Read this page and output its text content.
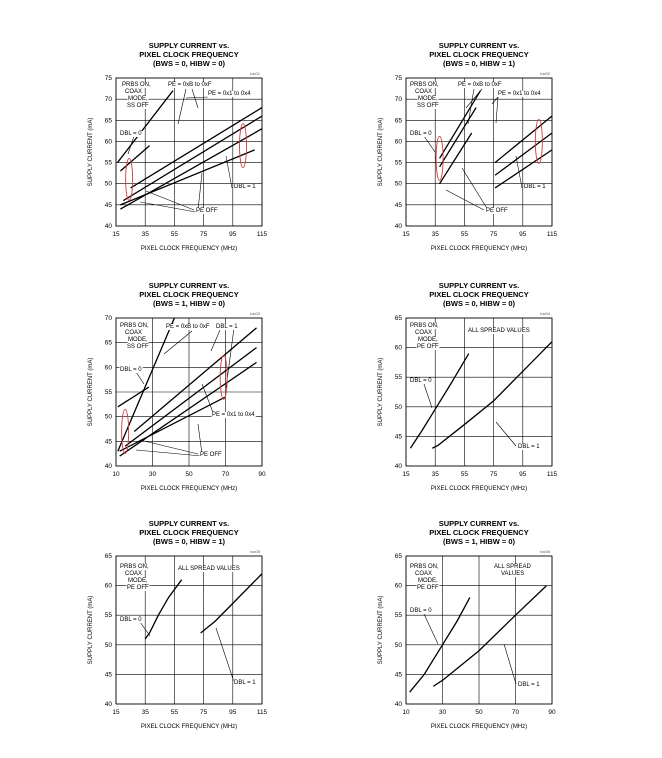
SUPPLY CURRENT vs.
PIXEL CLOCK FREQUENCY
(BWS = 0, HIBW = 0)
toc01
15	35	55	75	95	115
40
45
50
55
60
65
70
75
PIXEL CLOCK FREQUENCY (MHz)
SUPPLY CURRENT (mA)
PRBS ON,
COAX
MODE,
SS OFF
DBL = 0
PE = 0xB to 0xF
PE = 0x1 to 0x4
PE OFF
DBL = 1
SUPPLY CURRENT vs.
PIXEL CLOCK FREQUENCY
(BWS = 0, HIBW = 1)
toc02
15	35	55	75	95	115
40
45
50
55
60
65
70
75
PIXEL CLOCK FREQUENCY (MHz)
SUPPLY CURRENT (mA)
PRBS ON,
COAX
MODE,
SS OFF
DBL = 0
PE = 0xB to 0xF
PE = 0x1 to 0x4
PE OFF
DBL = 1
SUPPLY CURRENT vs.
PIXEL CLOCK FREQUENCY
(BWS = 1, HIBW = 0)
toc03
10	30	50	70	90
40
45
50
55
60
65
70
PIXEL CLOCK FREQUENCY (MHz)
SUPPLY CURRENT (mA)
PRBS ON,
COAX
MODE,
SS OFF
DBL = 0
PE = 0xB to 0xF DBL = 1
PE = 0x1 to 0x4
PE OFF
SUPPLY CURRENT vs.
PIXEL CLOCK FREQUENCY
(BWS = 0, HIBW = 0)
toc04
15	35	55	75	95	115
40
45
50
55
60
65
PIXEL CLOCK FREQUENCY (MHz)
SUPPLY CURRENT (mA)
PRBS ON,
COAX
MODE,
PE OFF
ALL SPREAD VALUES
DBL = 0
DBL = 1
SUPPLY CURRENT vs.
PIXEL CLOCK FREQUENCY
(BWS = 0, HIBW = 1)
toc05
15	35	55	75	95	115
40
45
50
55
60
65
PIXEL CLOCK FREQUENCY (MHz)
SUPPLY CURRENT (mA)
PRBS ON,
COAX
MODE,
PE OFF
ALL SPREAD VALUES
DBL = 0
DBL = 1
SUPPLY CURRENT vs.
PIXEL CLOCK FREQUENCY
(BWS = 1, HIBW = 0)
toc06
10	30	50	70	90
40
45
50
55
60
65
PIXEL CLOCK FREQUENCY (MHz)
SUPPLY CURRENT (mA)
PRBS ON,
COAX
MODE,
PE OFF
ALL SPREAD
VALUES
DBL = 0
DBL = 1
